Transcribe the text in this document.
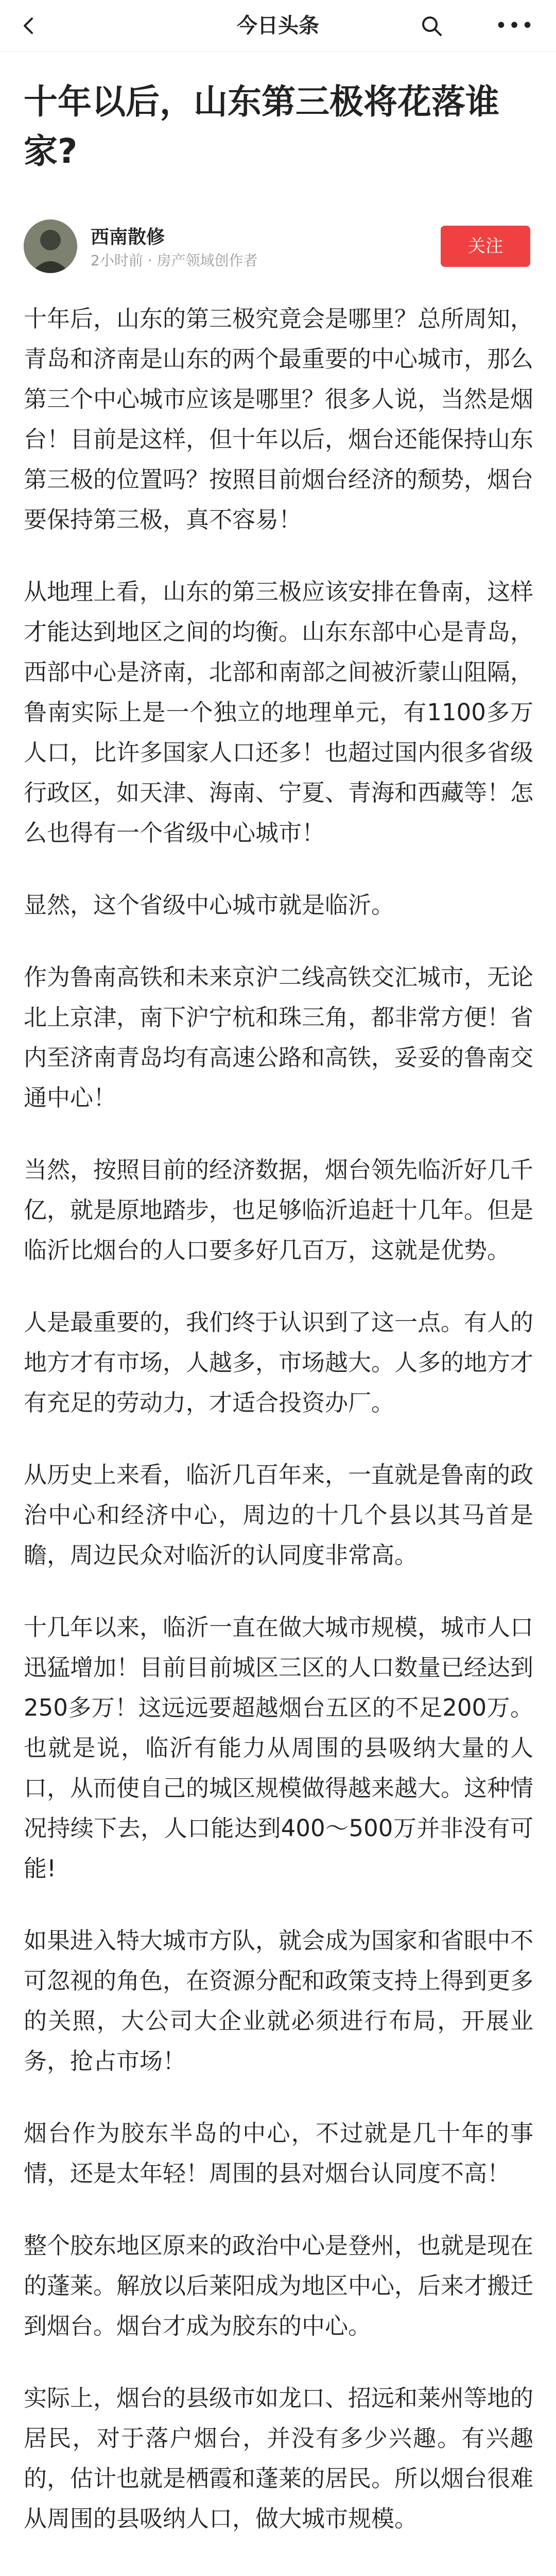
今日头条	•••
十年以后，山东第三极将花落谁家?
西南散修
2小时前 · 房产领域创作者
关注

十年后，山东的第三极究竟会是哪里？总所周知，青岛和济南是山东的两个最重要的中心城市，那么第三个中心城市应该是哪里？很多人说，当然是烟台！目前是这样，但十年以后，烟台还能保持山东第三极的位置吗？按照目前烟台经济的颓势，烟台要保持第三极，真不容易！

从地理上看，山东的第三极应该安排在鲁南，这样才能达到地区之间的均衡。山东东部中心是青岛，西部中心是济南，北部和南部之间被沂蒙山阻隔，鲁南实际上是一个独立的地理单元，有1100多万人口，比许多国家人口还多！也超过国内很多省级行政区，如天津、海南、宁夏、青海和西藏等！怎么也得有一个省级中心城市！

显然，这个省级中心城市就是临沂。

作为鲁南高铁和未来京沪二线高铁交汇城市，无论北上京津，南下沪宁杭和珠三角，都非常方便！省内至济南青岛均有高速公路和高铁，妥妥的鲁南交通中心！

当然，按照目前的经济数据，烟台领先临沂好几千亿，就是原地踏步，也足够临沂追赶十几年。但是临沂比烟台的人口要多好几百万，这就是优势。

人是最重要的，我们终于认识到了这一点。有人的地方才有市场，人越多，市场越大。人多的地方才有充足的劳动力，才适合投资办厂。

从历史上来看，临沂几百年来，一直就是鲁南的政治中心和经济中心，周边的十几个县以其马首是瞻，周边民众对临沂的认同度非常高。

十几年以来，临沂一直在做大城市规模，城市人口迅猛增加！目前目前城区三区的人口数量已经达到250多万！这远远要超越烟台五区的不足200万。也就是说，临沂有能力从周围的县吸纳大量的人口，从而使自己的城区规模做得越来越大。这种情况持续下去，人口能达到400～500万并非没有可能!

如果进入特大城市方队，就会成为国家和省眼中不可忽视的角色，在资源分配和政策支持上得到更多的关照，大公司大企业就必须进行布局，开展业务，抢占市场！

烟台作为胶东半岛的中心，不过就是几十年的事情，还是太年轻！周围的县对烟台认同度不高！

整个胶东地区原来的政治中心是登州，也就是现在的蓬莱。解放以后莱阳成为地区中心，后来才搬迁到烟台。烟台才成为胶东的中心。

实际上，烟台的县级市如龙口、招远和莱州等地的居民，对于落户烟台，并没有多少兴趣。有兴趣的，估计也就是栖霞和蓬莱的居民。所以烟台很难从周围的县吸纳人口，做大城市规模。
